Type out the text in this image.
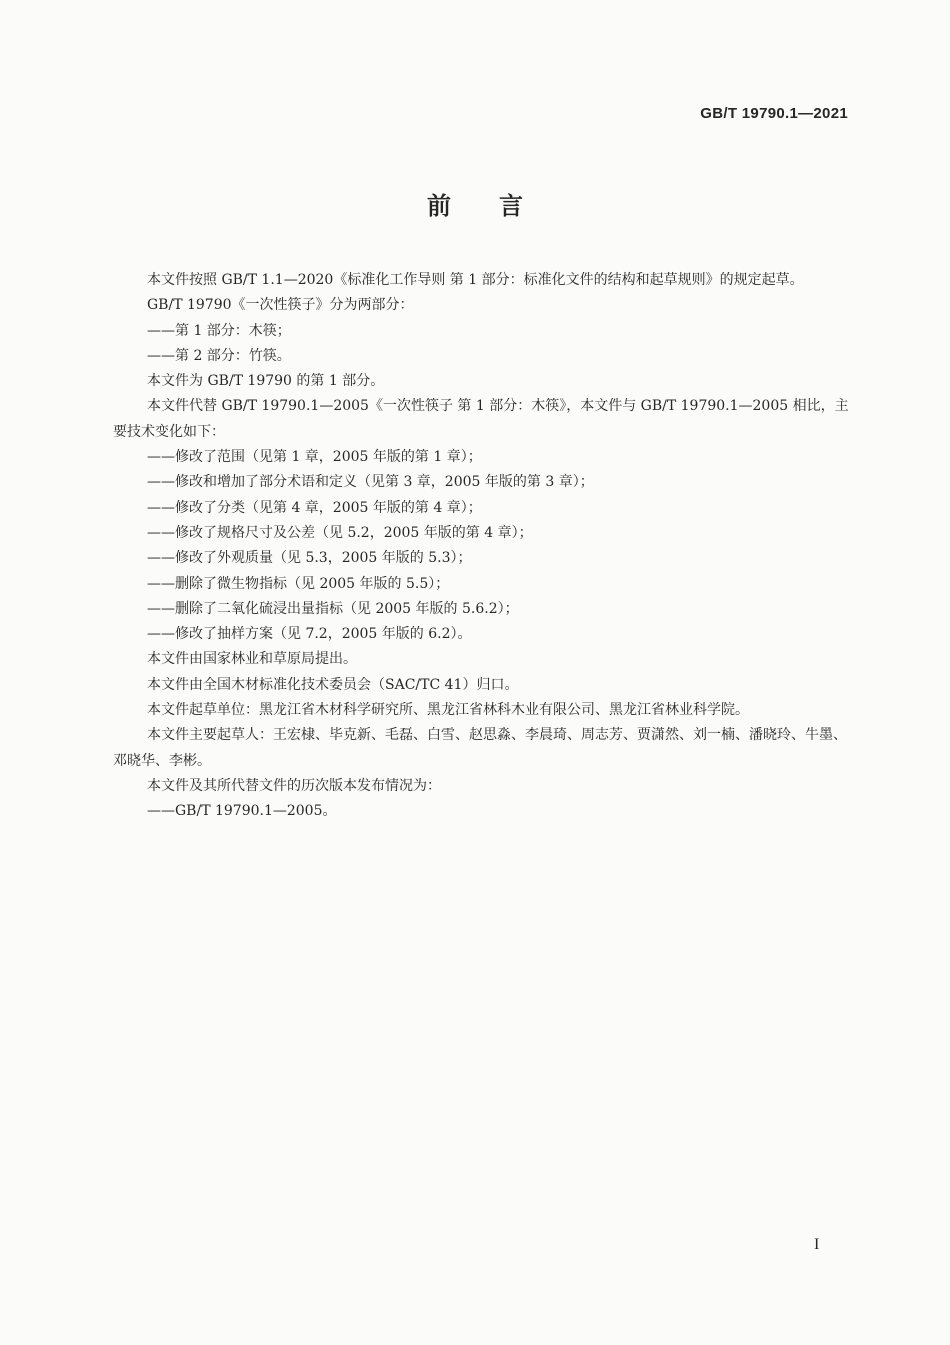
GB/T 19790.1—2021
前言

本文件按照 GB/T 1.1—2020《标准化工作导则 第 1 部分：标准化文件的结构和起草规则》的规定起草。

GB/T 19790《一次性筷子》分为两部分：

——第 1 部分：木筷；

——第 2 部分：竹筷。

本文件为 GB/T 19790 的第 1 部分。

本文件代替 GB/T 19790.1—2005《一次性筷子 第 1 部分：木筷》，本文件与 GB/T 19790.1—2005 相比，主要技术变化如下：

——修改了范围（见第 1 章，2005 年版的第 1 章）；

——修改和增加了部分术语和定义（见第 3 章，2005 年版的第 3 章）；

——修改了分类（见第 4 章，2005 年版的第 4 章）；

——修改了规格尺寸及公差（见 5.2，2005 年版的第 4 章）；

——修改了外观质量（见 5.3，2005 年版的 5.3）；

——删除了微生物指标（见 2005 年版的 5.5）；

——删除了二氧化硫浸出量指标（见 2005 年版的 5.6.2）；

——修改了抽样方案（见 7.2，2005 年版的 6.2）。

本文件由国家林业和草原局提出。

本文件由全国木材标准化技术委员会（SAC/TC 41）归口。

本文件起草单位：黑龙江省木材科学研究所、黑龙江省林科木业有限公司、黑龙江省林业科学院。

本文件主要起草人：王宏棣、毕克新、毛磊、白雪、赵思淼、李晨琦、周志芳、贾潇然、刘一楠、潘晓玲、牛墨、邓晓华、李彬。

本文件及其所代替文件的历次版本发布情况为：

——GB/T 19790.1—2005。

I
